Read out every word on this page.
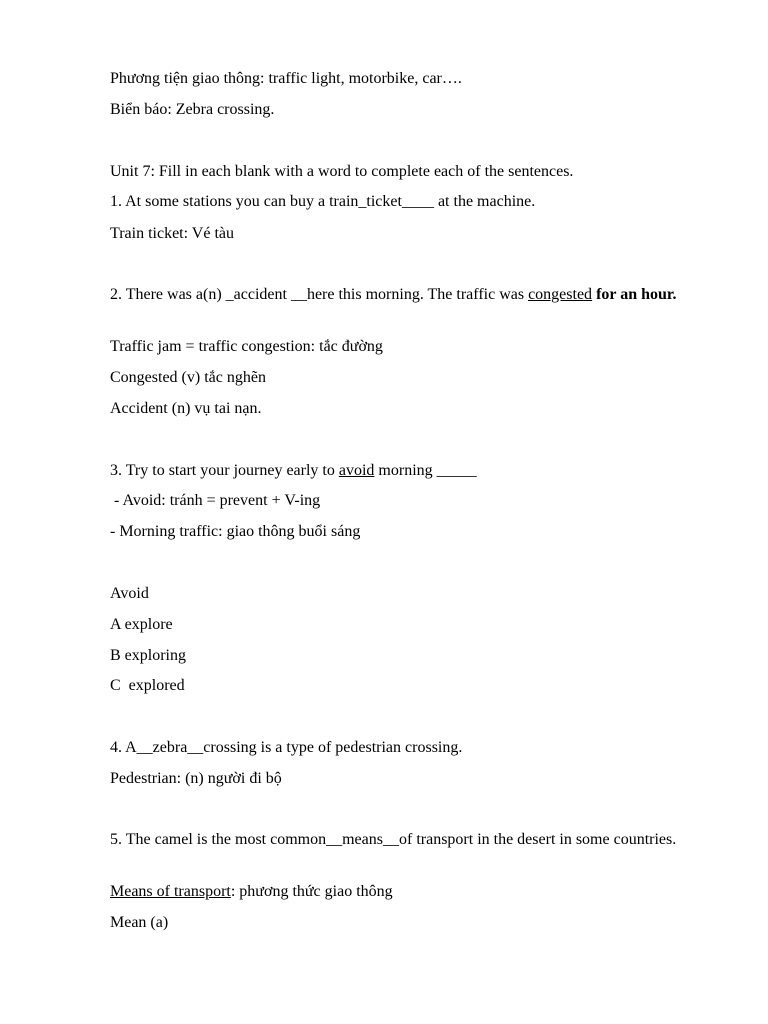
Phương tiện giao thông: traffic light, motorbike, car….
Biển báo: Zebra crossing.
Unit 7: Fill in each blank with a word to complete each of the sentences.
1. At some stations you can buy a train_ticket____ at the machine.
Train ticket: Vé tàu
2. There was a(n) _accident __here this morning. The traffic was congested for an hour.
Traffic jam = traffic congestion: tắc đường
Congested (v) tắc nghẽn
Accident (n) vụ tai nạn.
3. Try to start your journey early to avoid morning _____
- Avoid: tránh = prevent + V-ing
- Morning traffic: giao thông buổi sáng
Avoid
A explore
B exploring
C  explored
4. A__zebra__crossing is a type of pedestrian crossing.
Pedestrian: (n) người đi bộ
5. The camel is the most common__means__of transport in the desert in some countries.
Means of transport: phương thức giao thông
Mean (a)
